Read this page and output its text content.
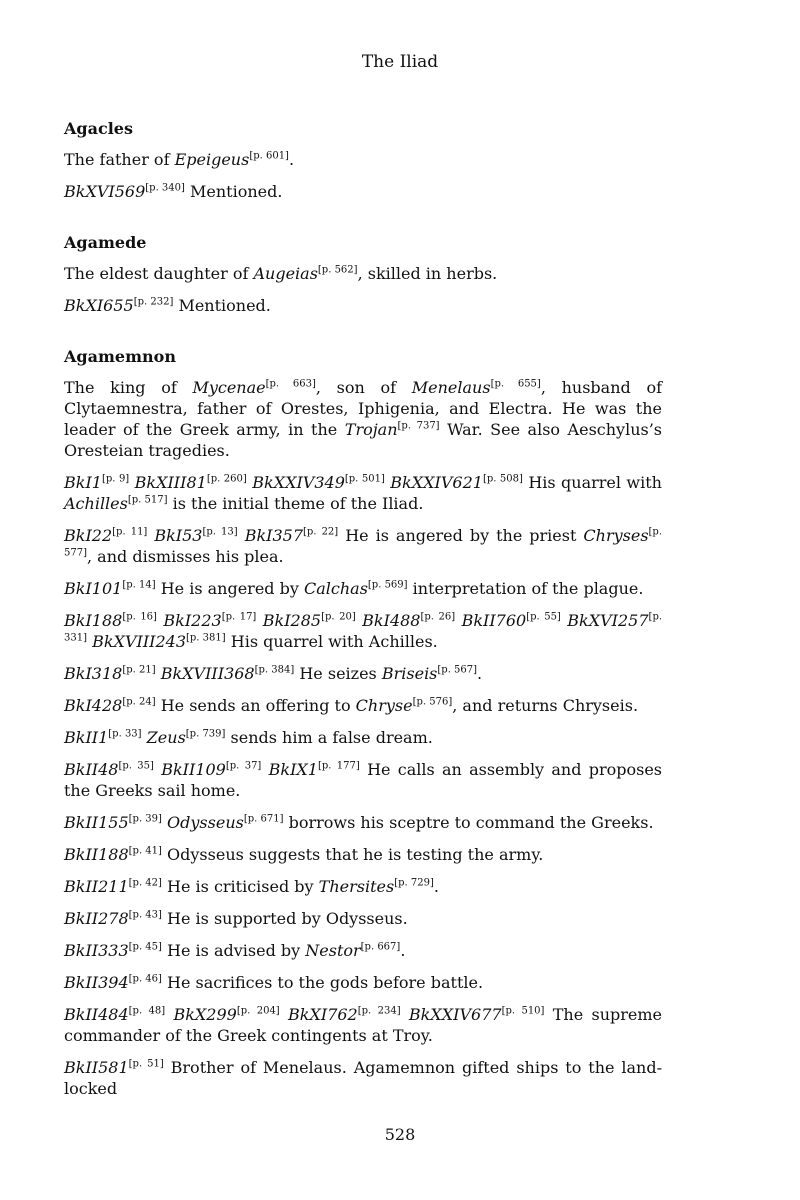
The Iliad
Agacles
The father of Epeigeus[p. 601].
BkXVI569[p. 340] Mentioned.
Agamede
The eldest daughter of Augeias[p. 562], skilled in herbs.
BkXI655[p. 232] Mentioned.
Agamemnon
The king of Mycenae[p. 663], son of Menelaus[p. 655], husband of Clytaemnestra, father of Orestes, Iphigenia, and Electra. He was the leader of the Greek army, in the Trojan[p. 737] War. See also Aeschylus’s Oresteian tragedies.
BkI1[p. 9] BkXIII81[p. 260] BkXXIV349[p. 501] BkXXIV621[p. 508] His quarrel with Achilles[p. 517] is the initial theme of the Iliad.
BkI22[p. 11] BkI53[p. 13] BkI357[p. 22] He is angered by the priest Chryses[p. 577], and dismisses his plea.
BkI101[p. 14] He is angered by Calchas[p. 569] interpretation of the plague.
BkI188[p. 16] BkI223[p. 17] BkI285[p. 20] BkI488[p. 26] BkII760[p. 55] BkXVI257[p. 331] BkXVIII243[p. 381] His quarrel with Achilles.
BkI318[p. 21] BkXVIII368[p. 384] He seizes Briseis[p. 567].
BkI428[p. 24] He sends an offering to Chryse[p. 576], and returns Chryseis.
BkII1[p. 33] Zeus[p. 739] sends him a false dream.
BkII48[p. 35] BkII109[p. 37] BkIX1[p. 177] He calls an assembly and proposes the Greeks sail home.
BkII155[p. 39] Odysseus[p. 671] borrows his sceptre to command the Greeks.
BkII188[p. 41] Odysseus suggests that he is testing the army.
BkII211[p. 42] He is criticised by Thersites[p. 729].
BkII278[p. 43] He is supported by Odysseus.
BkII333[p. 45] He is advised by Nestor[p. 667].
BkII394[p. 46] He sacrifices to the gods before battle.
BkII484[p. 48] BkX299[p. 204] BkXI762[p. 234] BkXXIV677[p. 510] The supreme commander of the Greek contingents at Troy.
BkII581[p. 51] Brother of Menelaus. Agamemnon gifted ships to the land-locked
528
